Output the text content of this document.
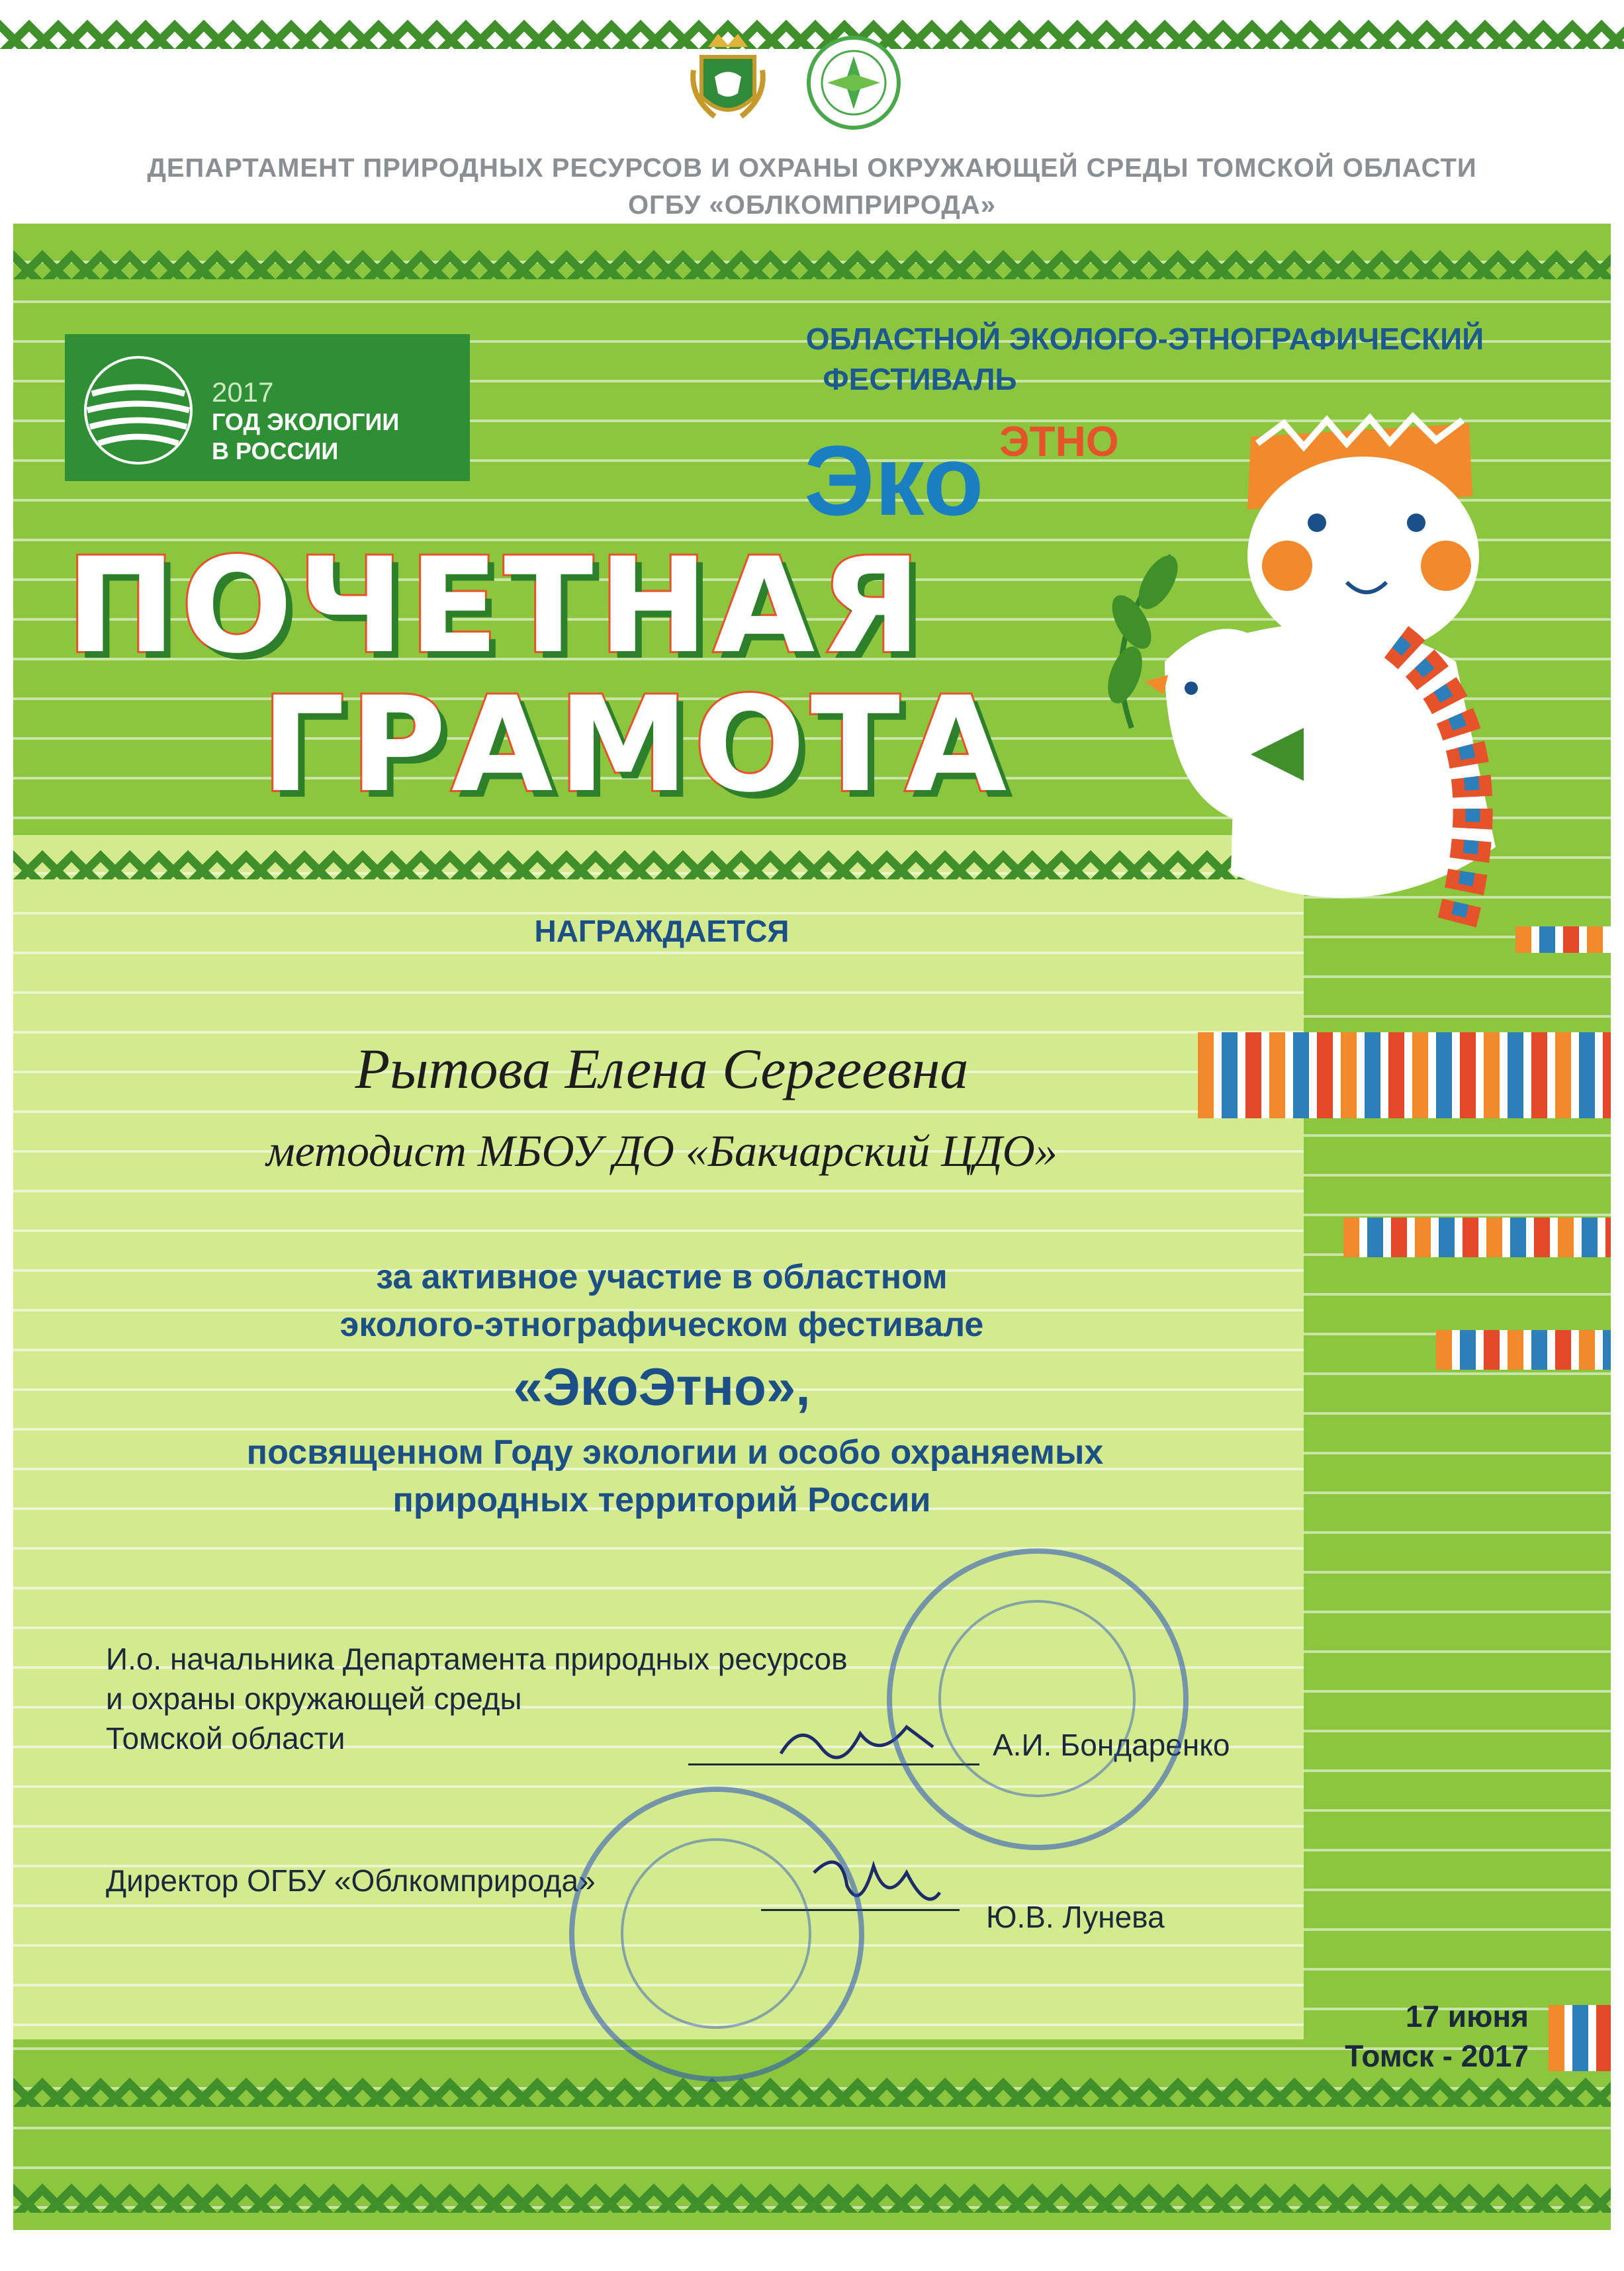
ДЕПАРТАМЕНТ ПРИРОДНЫХ РЕСУРСОВ И ОХРАНЫ ОКРУЖАЮЩЕЙ СРЕДЫ ТОМСКОЙ ОБЛАСТИ
ОГБУ «ОБЛКОМПРИРОДА»
2017
ГОД ЭКОЛОГИИ
В РОССИИ
ОБЛАСТНОЙ ЭКОЛОГО-ЭТНОГРАФИЧЕСКИЙ
ФЕСТИВАЛЬ
Эко ЭТНО
ПОЧЕТНАЯ
ГРАМОТА
НАГРАЖДАЕТСЯ
Рытова Елена Сергеевна
методист МБОУ ДО «Бакчарский ЦДО»
за активное участие в областном
эколого-этнографическом фестивале
«ЭкоЭтно»,
посвященном Году экологии и особо охраняемых
природных территорий России
И.о. начальника Департамента природных ресурсов
и охраны окружающей среды
Томской области	А.И. Бондаренко
Директор ОГБУ «Облкомприрода»
Ю.В. Лунева
17 июня
Томск - 2017
